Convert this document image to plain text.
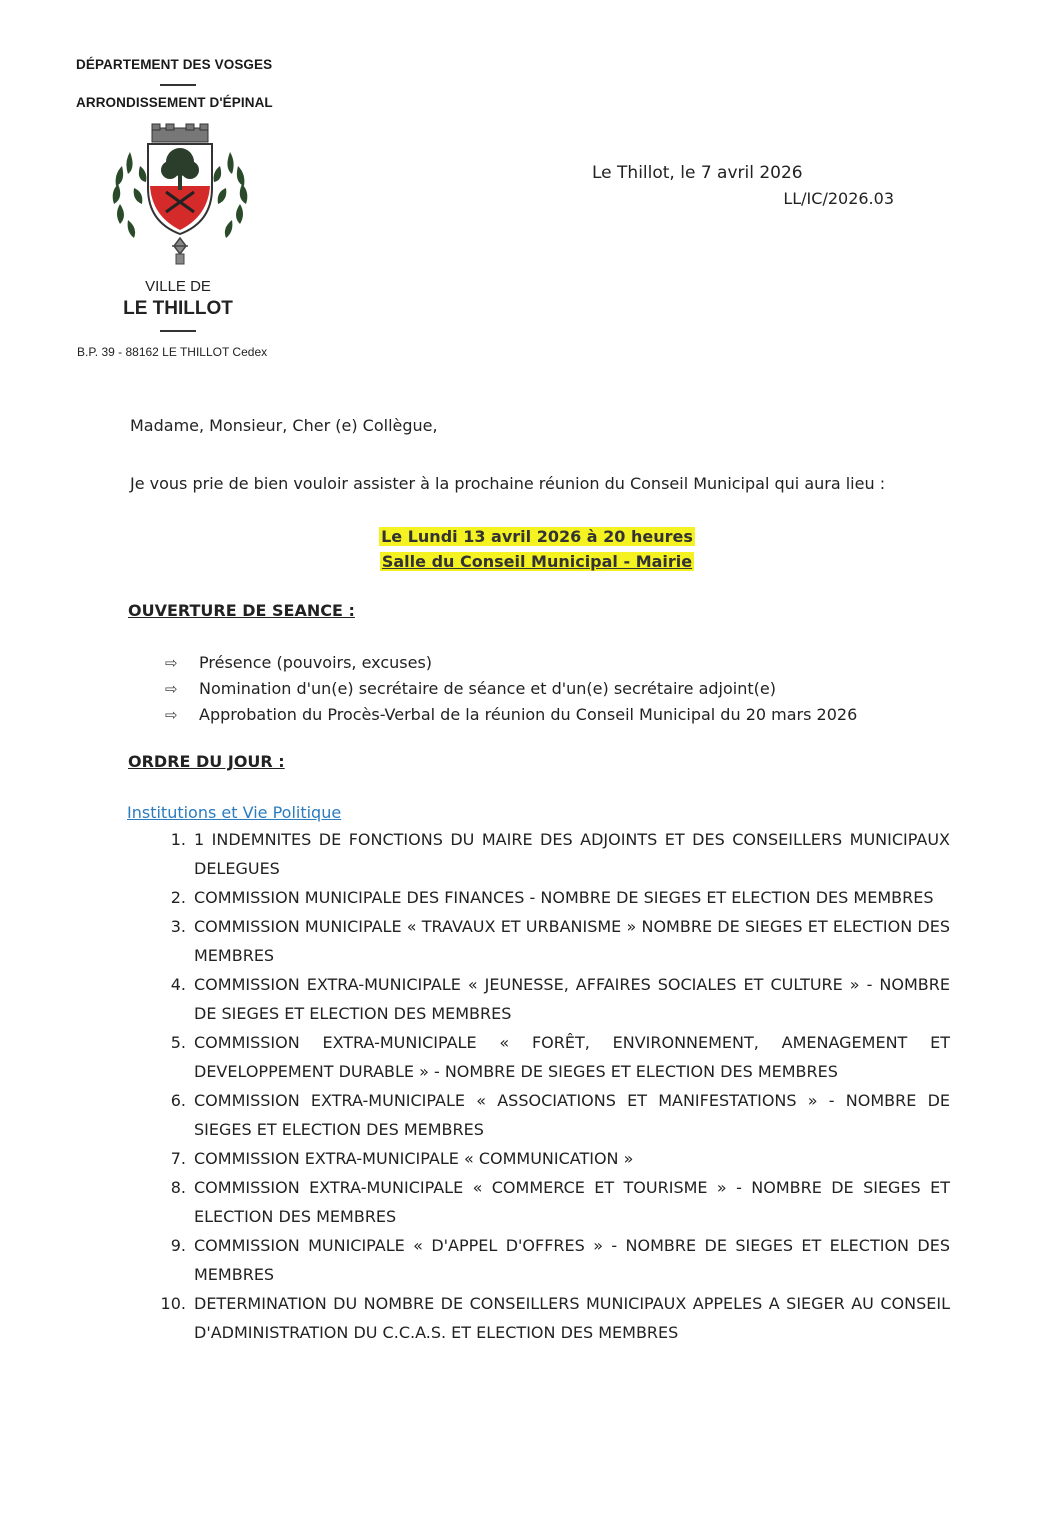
DÉPARTEMENT DES VOSGES
ARRONDISSEMENT D'ÉPINAL
VILLE DE
LE THILLOT
B.P. 39 - 88162 LE THILLOT Cedex
Le Thillot, le 7 avril 2026
LL/IC/2026.03
Madame, Monsieur, Cher (e) Collègue,
Je vous prie de bien vouloir assister à la prochaine réunion du Conseil Municipal qui aura lieu :
Le Lundi 13 avril 2026 à 20 heures
Salle du Conseil Municipal - Mairie
OUVERTURE DE SEANCE :
⇨ Présence (pouvoirs, excuses)
⇨ Nomination d'un(e) secrétaire de séance et d'un(e) secrétaire adjoint(e)
⇨ Approbation du Procès-Verbal de la réunion du Conseil Municipal du 20 mars 2026
ORDRE DU JOUR :
Institutions et Vie Politique
1. 1 INDEMNITES DE FONCTIONS DU MAIRE DES ADJOINTS ET DES CONSEILLERS MUNICIPAUX DELEGUES
2. COMMISSION MUNICIPALE DES FINANCES - NOMBRE DE SIEGES ET ELECTION DES MEMBRES
3. COMMISSION MUNICIPALE « TRAVAUX ET URBANISME » NOMBRE DE SIEGES ET ELECTION DES MEMBRES
4. COMMISSION EXTRA-MUNICIPALE « JEUNESSE, AFFAIRES SOCIALES ET CULTURE » - NOMBRE DE SIEGES ET ELECTION DES MEMBRES
5. COMMISSION EXTRA-MUNICIPALE « FORÊT, ENVIRONNEMENT, AMENAGEMENT ET DEVELOPPEMENT DURABLE » - NOMBRE DE SIEGES ET ELECTION DES MEMBRES
6. COMMISSION EXTRA-MUNICIPALE « ASSOCIATIONS ET MANIFESTATIONS » - NOMBRE DE SIEGES ET ELECTION DES MEMBRES
7. COMMISSION EXTRA-MUNICIPALE « COMMUNICATION »
8. COMMISSION EXTRA-MUNICIPALE « COMMERCE ET TOURISME » - NOMBRE DE SIEGES ET ELECTION DES MEMBRES
9. COMMISSION MUNICIPALE « D'APPEL D'OFFRES » - NOMBRE DE SIEGES ET ELECTION DES MEMBRES
10. DETERMINATION DU NOMBRE DE CONSEILLERS MUNICIPAUX APPELES A SIEGER AU CONSEIL D'ADMINISTRATION DU C.C.A.S. ET ELECTION DES MEMBRES
